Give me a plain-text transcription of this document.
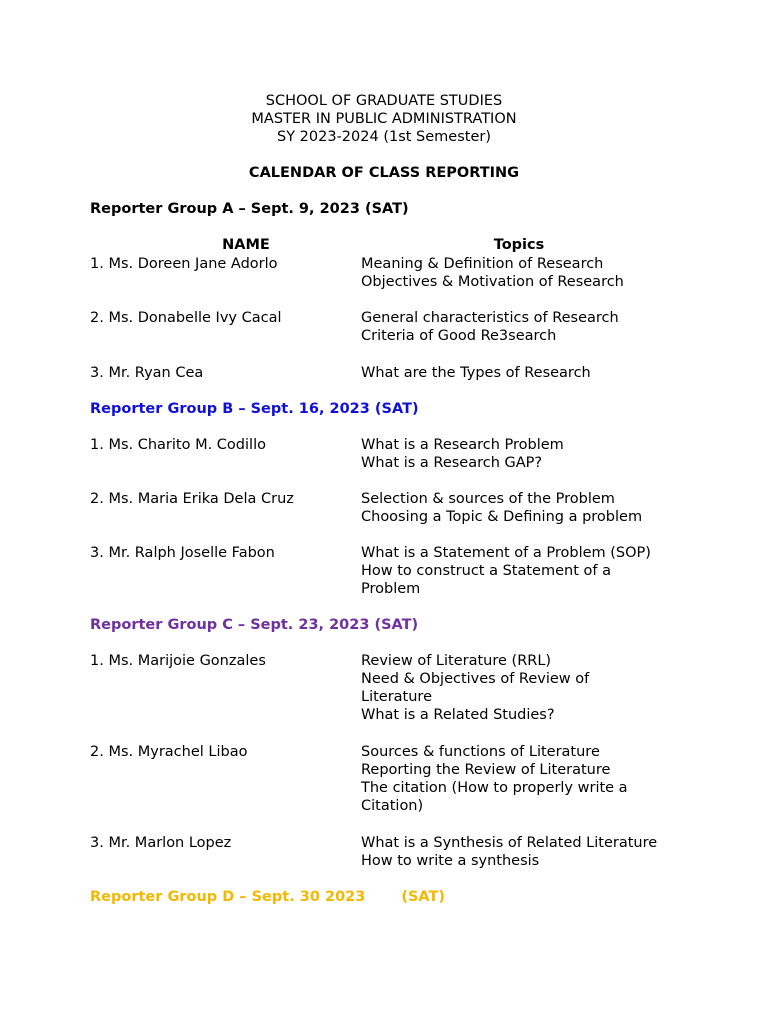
SCHOOL OF GRADUATE STUDIES
MASTER IN PUBLIC ADMINISTRATION
SY 2023-2024 (1st Semester)
CALENDAR OF CLASS REPORTING
Reporter Group A – Sept. 9, 2023 (SAT)
NAME	Topics
1. Ms. Doreen Jane Adorlo	Meaning & Definition of Research
Objectives & Motivation of Research
2. Ms. Donabelle Ivy Cacal	General characteristics of Research
Criteria of Good Re3search
3. Mr. Ryan Cea	What are the Types of Research
Reporter Group B – Sept. 16, 2023 (SAT)
1. Ms. Charito M. Codillo	What is a Research Problem
What is a Research GAP?
2. Ms. Maria Erika Dela Cruz	Selection & sources of the Problem
Choosing a Topic & Defining a problem
3. Mr. Ralph Joselle Fabon	What is a Statement of a Problem (SOP)
How to construct a Statement of a
Problem
Reporter Group C – Sept. 23, 2023 (SAT)
1. Ms. Marijoie Gonzales	Review of Literature (RRL)
Need & Objectives of Review of
Literature
What is a Related Studies?
2. Ms. Myrachel Libao	Sources & functions of Literature
Reporting the Review of Literature
The citation (How to properly write a
Citation)
3. Mr. Marlon Lopez	What is a Synthesis of Related Literature
How to write a synthesis
Reporter Group D – Sept. 30 2023 (SAT)
